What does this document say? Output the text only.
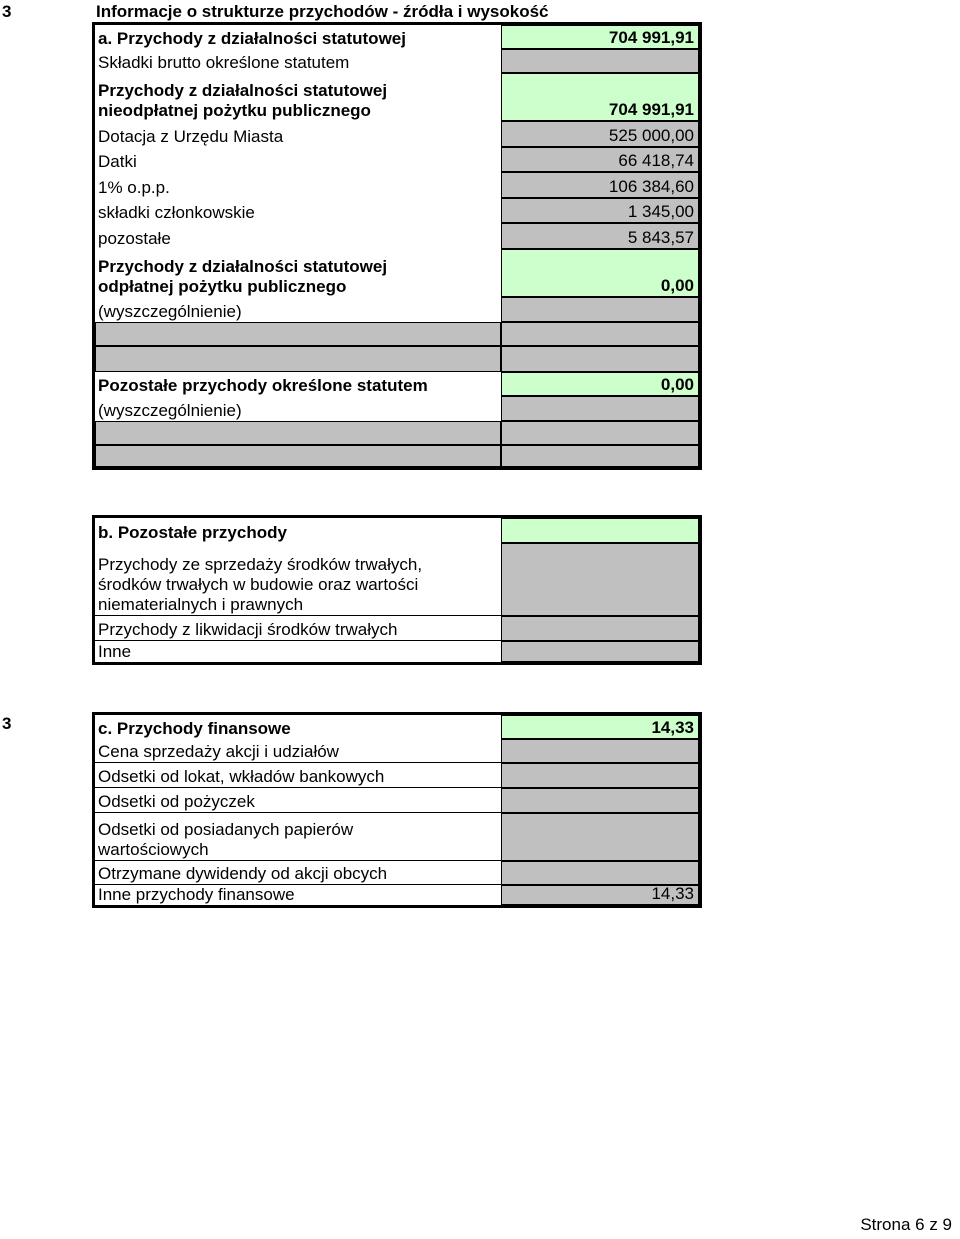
3	Informacje o strukturze przychodów - źródła i wysokość
a. Przychody z działalności statutowej	704 991,91
Składki brutto określone statutem
Przychody z działalności statutowej
nieodpłatnej pożytku publicznego	704 991,91
Dotacja z Urzędu Miasta	525 000,00
Datki	66 418,74
1% o.p.p.	106 384,60
składki członkowskie	1 345,00
pozostałe	5 843,57
Przychody z działalności statutowej
odpłatnej pożytku publicznego	0,00
(wyszczególnienie)
Pozostałe przychody określone statutem	0,00
(wyszczególnienie)
b. Pozostałe przychody
Przychody ze sprzedaży środków trwałych,
środków trwałych w budowie oraz wartości
niematerialnych i prawnych
Przychody z likwidacji środków trwałych
Inne
3	c. Przychody finansowe	14,33
Cena sprzedaży akcji i udziałów
Odsetki od lokat, wkładów bankowych
Odsetki od pożyczek
Odsetki od posiadanych papierów
wartościowych
Otrzymane dywidendy od akcji obcych
Inne przychody finansowe	14,33
Strona 6 z 9
